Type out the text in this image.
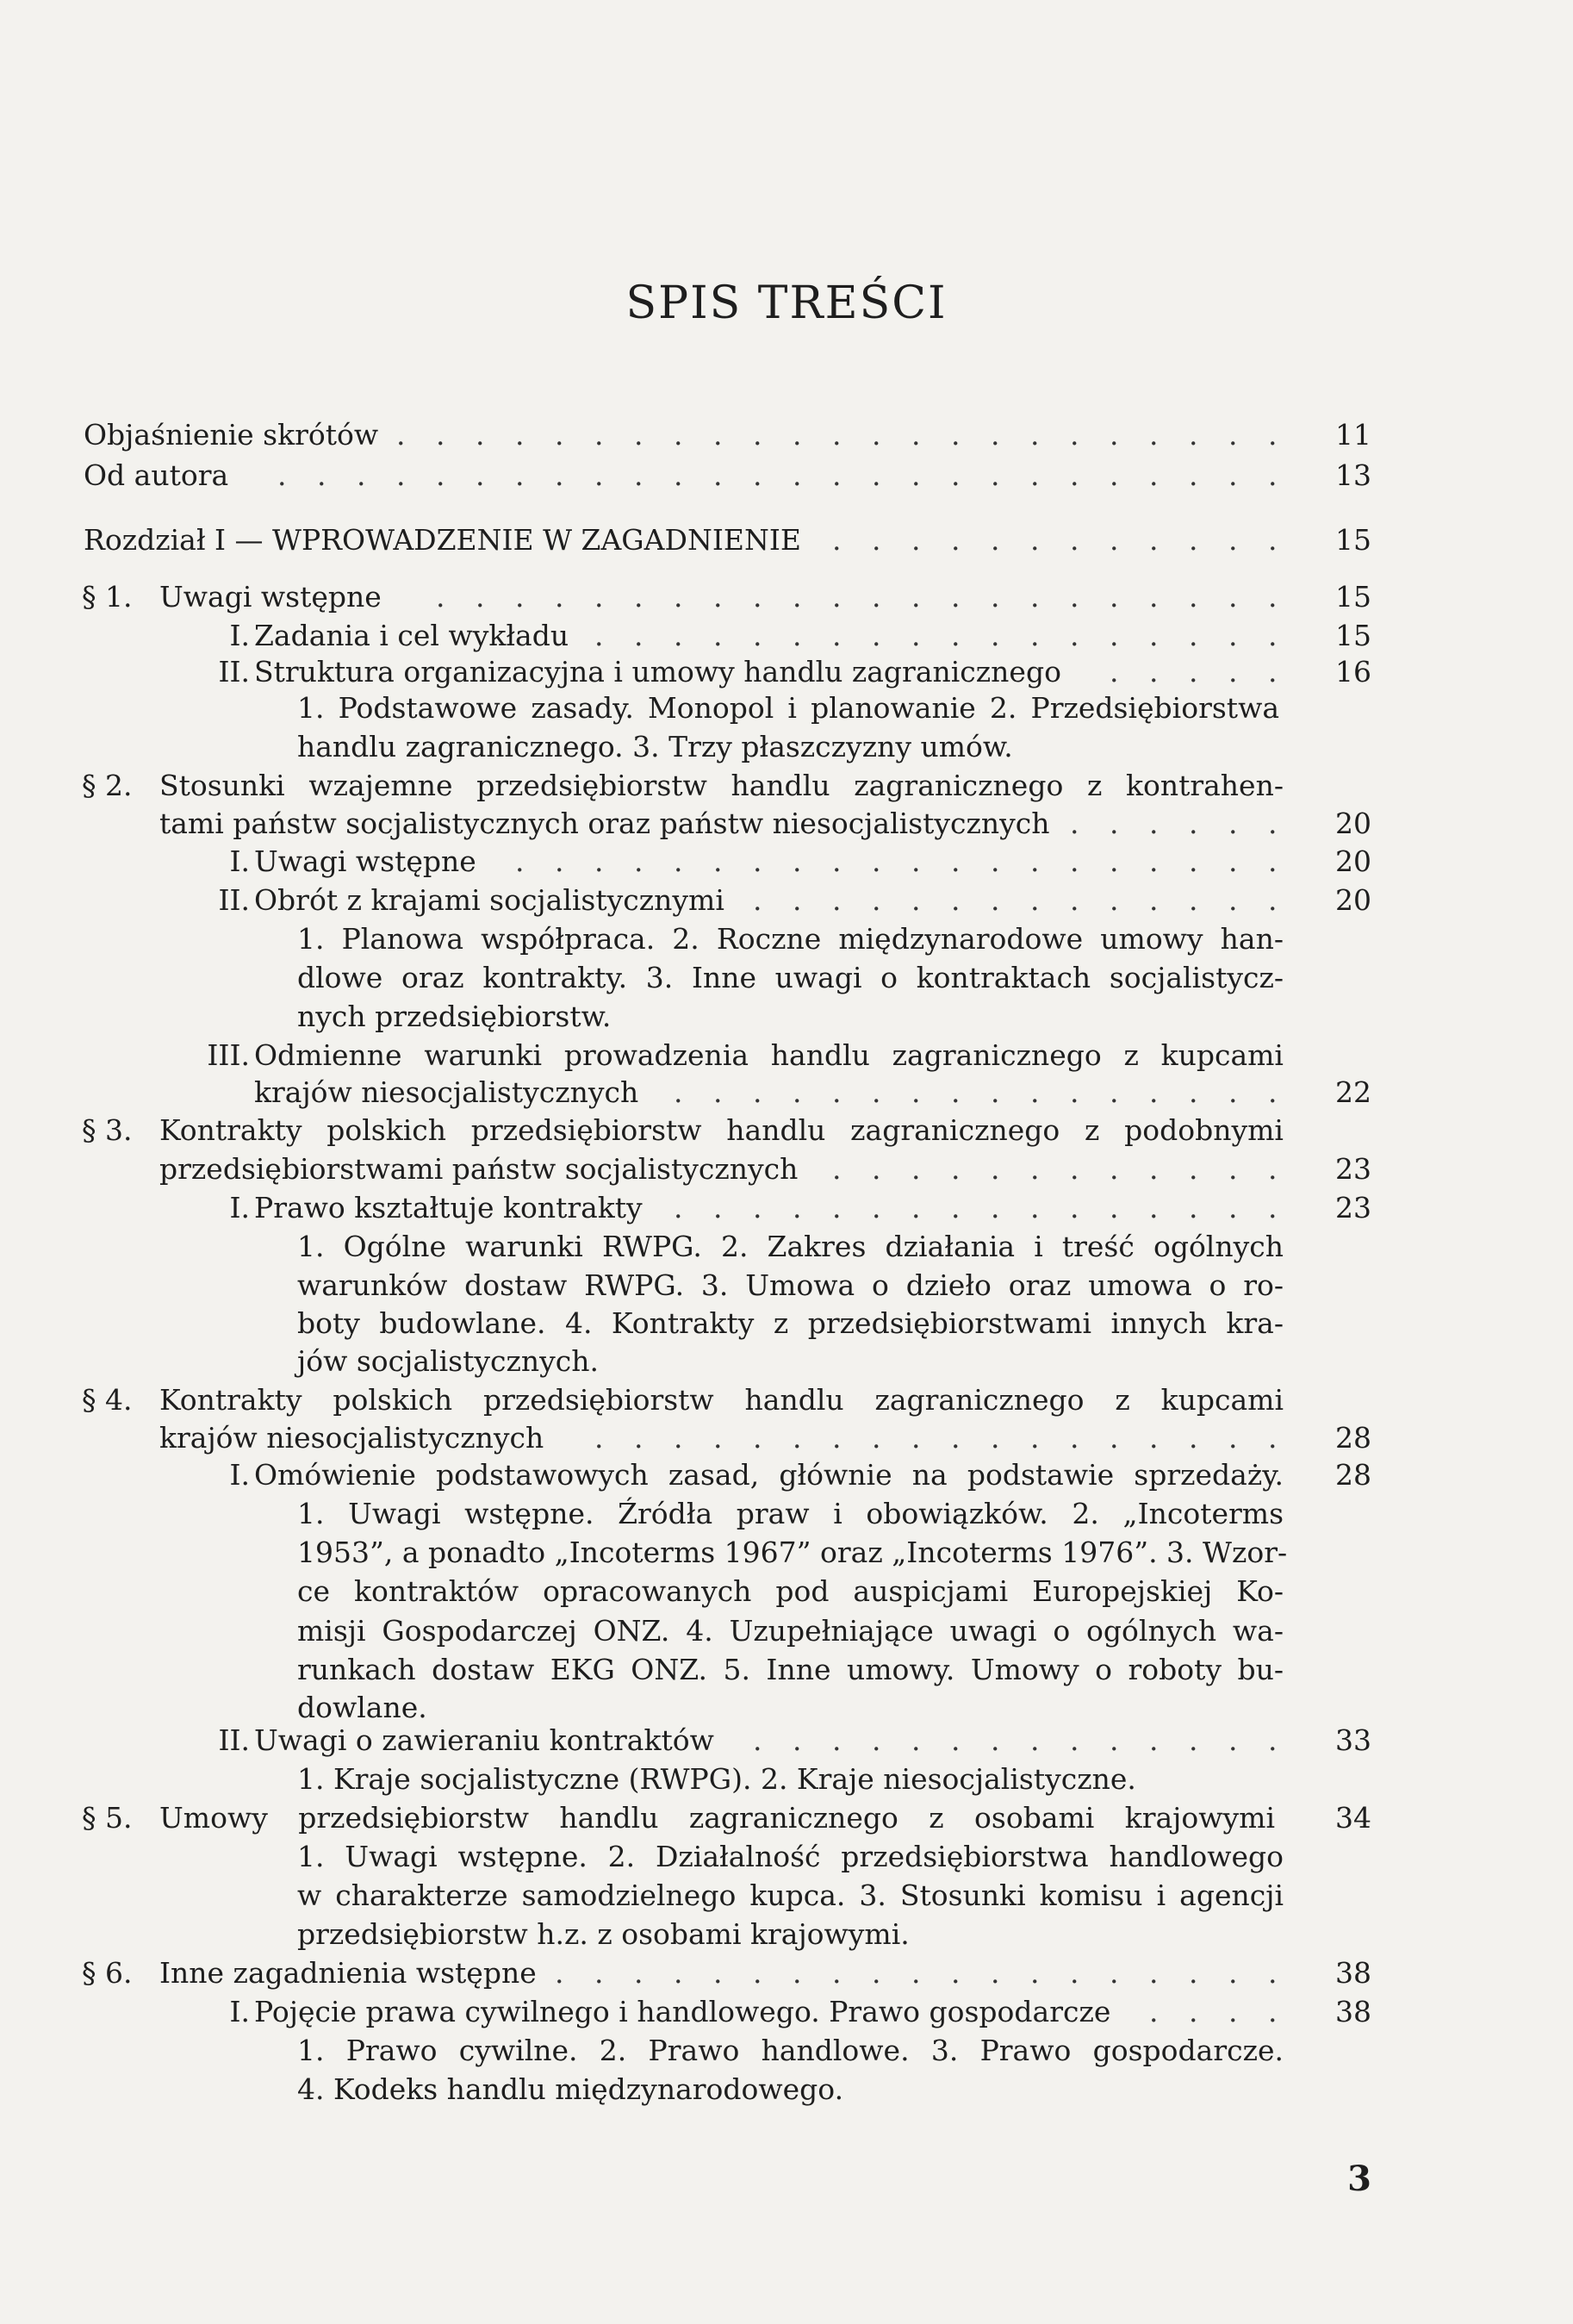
SPIS TREŚCI
Objaśnienie skrótów . . . . . . . . . . . . . . . . . . . . . . .	11
Od autora . . . . . . . . . . . . . . . . . . . . . . . . . .	13
Rozdział I — WPROWADZENIE W ZAGADNIENIE . . . . . . . . . . . .	15
§ 1. Uwagi wstępne . . . . . . . . . . . . . . . . . . . . . .	15
I. Zadania i cel wykładu . . . . . . . . . . . . . . . . . .	15
II. Struktura organizacyjna i umowy handlu zagranicznego . . . . .	16
1. Podstawowe zasady. Monopol i planowanie 2. Przedsiębiorstwa
handlu zagranicznego. 3. Trzy płaszczyzny umów.
§ 2. Stosunki wzajemne przedsiębiorstw handlu zagranicznego z kontrahen-
tami państw socjalistycznych oraz państw niesocjalistycznych . . . . . .	20
I. Uwagi wstępne . . . . . . . . . . . . . . . . . . . .	20
II. Obrót z krajami socjalistycznymi . . . . . . . . . . . . . .	20
1. Planowa współpraca. 2. Roczne międzynarodowe umowy han-
dlowe oraz kontrakty. 3. Inne uwagi o kontraktach socjalistycz-
nych przedsiębiorstw.
III. Odmienne warunki prowadzenia handlu zagranicznego z kupcami
krajów niesocjalistycznych . . . . . . . . . . . . . . . .	22
§ 3. Kontrakty polskich przedsiębiorstw handlu zagranicznego z podobnymi
przedsiębiorstwami państw socjalistycznych . . . . . . . . . . . .	23
I. Prawo kształtuje kontrakty . . . . . . . . . . . . . . . .	23
1. Ogólne warunki RWPG. 2. Zakres działania i treść ogólnych
warunków dostaw RWPG. 3. Umowa o dzieło oraz umowa o ro-
boty budowlane. 4. Kontrakty z przedsiębiorstwami innych kra-
jów socjalistycznych.
§ 4. Kontrakty polskich przedsiębiorstw handlu zagranicznego z kupcami
krajów niesocjalistycznych . . . . . . . . . . . . . . . . . .	28
I. Omówienie podstawowych zasad, głównie na podstawie sprzedaży.	28
1. Uwagi wstępne. Źródła praw i obowiązków. 2. „Incoterms
1953”, a ponadto „Incoterms 1967” oraz „Incoterms 1976”. 3. Wzor-
ce kontraktów opracowanych pod auspicjami Europejskiej Ko-
misji Gospodarczej ONZ. 4. Uzupełniające uwagi o ogólnych wa-
runkach dostaw EKG ONZ. 5. Inne umowy. Umowy o roboty bu-
dowlane.
II. Uwagi o zawieraniu kontraktów . . . . . . . . . . . . . .	33
1. Kraje socjalistyczne (RWPG). 2. Kraje niesocjalistyczne.
§ 5. Umowy przedsiębiorstw handlu zagranicznego z osobami krajowymi	34
1. Uwagi wstępne. 2. Działalność przedsiębiorstwa handlowego
w charakterze samodzielnego kupca. 3. Stosunki komisu i agencji
przedsiębiorstw h.z. z osobami krajowymi.
§ 6. Inne zagadnienia wstępne . . . . . . . . . . . . . . . . . . .	38
I. Pojęcie prawa cywilnego i handlowego. Prawo gospodarcze . . . .	38
1. Prawo cywilne. 2. Prawo handlowe. 3. Prawo gospodarcze.
4. Kodeks handlu międzynarodowego.
3
